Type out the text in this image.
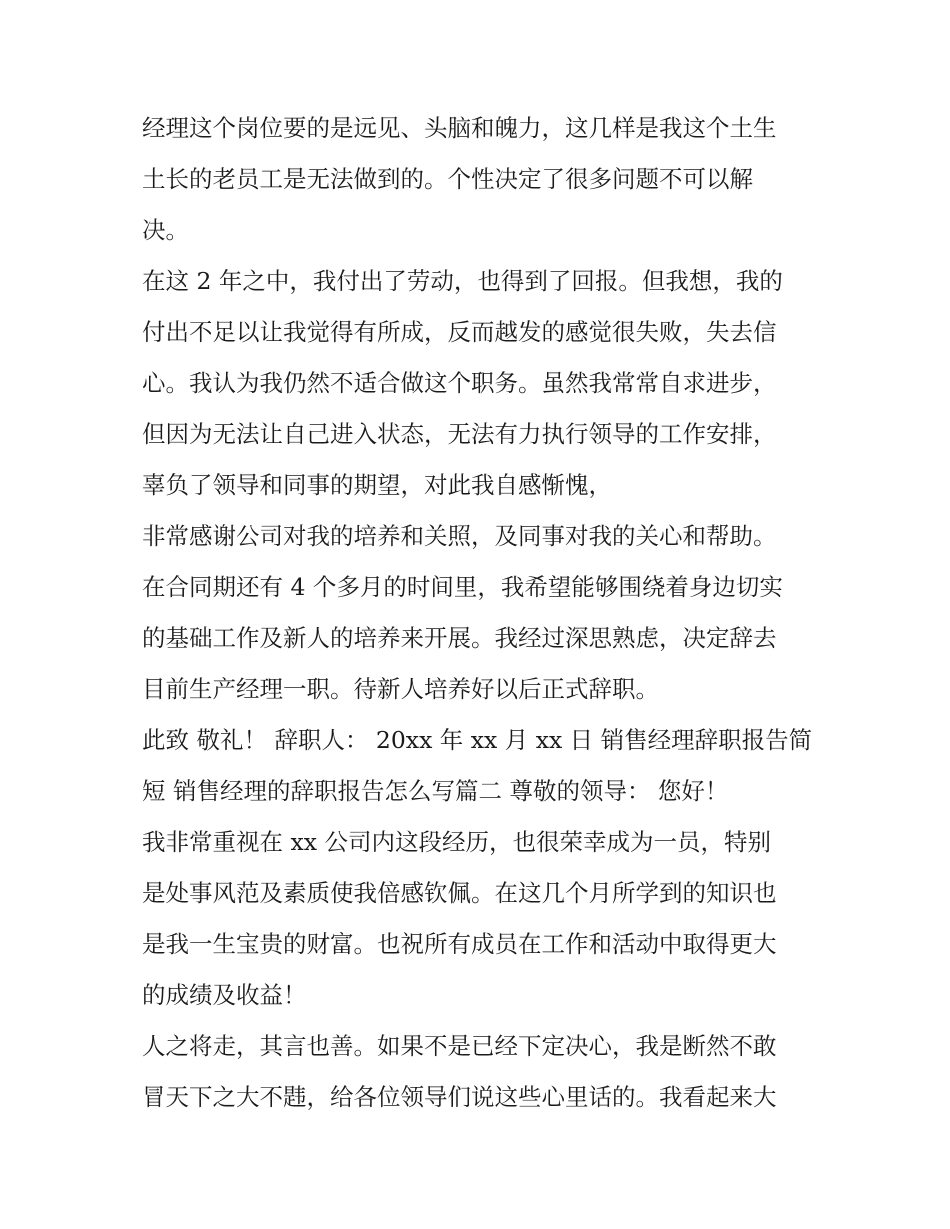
经理这个岗位要的是远见、头脑和魄力，这几样是我这个土生
土长的老员工是无法做到的。个性决定了很多问题不可以解
决。
在这 2 年之中，我付出了劳动，也得到了回报。但我想，我的
付出不足以让我觉得有所成，反而越发的感觉很失败，失去信
心。我认为我仍然不适合做这个职务。虽然我常常自求进步，
但因为无法让自己进入状态，无法有力执行领导的工作安排，
辜负了领导和同事的期望，对此我自感惭愧，
非常感谢公司对我的培养和关照，及同事对我的关心和帮助。
在合同期还有 4 个多月的时间里，我希望能够围绕着身边切实
的基础工作及新人的培养来开展。我经过深思熟虑，决定辞去
目前生产经理一职。待新人培养好以后正式辞职。
此致 敬礼！ 辞职人： 20xx 年 xx 月 xx 日 销售经理辞职报告简
短 销售经理的辞职报告怎么写篇二 尊敬的领导： 您好！
我非常重视在 xx 公司内这段经历，也很荣幸成为一员，特别
是处事风范及素质使我倍感钦佩。在这几个月所学到的知识也
是我一生宝贵的财富。也祝所有成员在工作和活动中取得更大
的成绩及收益！
人之将走，其言也善。如果不是已经下定决心，我是断然不敢
冒天下之大不韪，给各位领导们说这些心里话的。我看起来大
